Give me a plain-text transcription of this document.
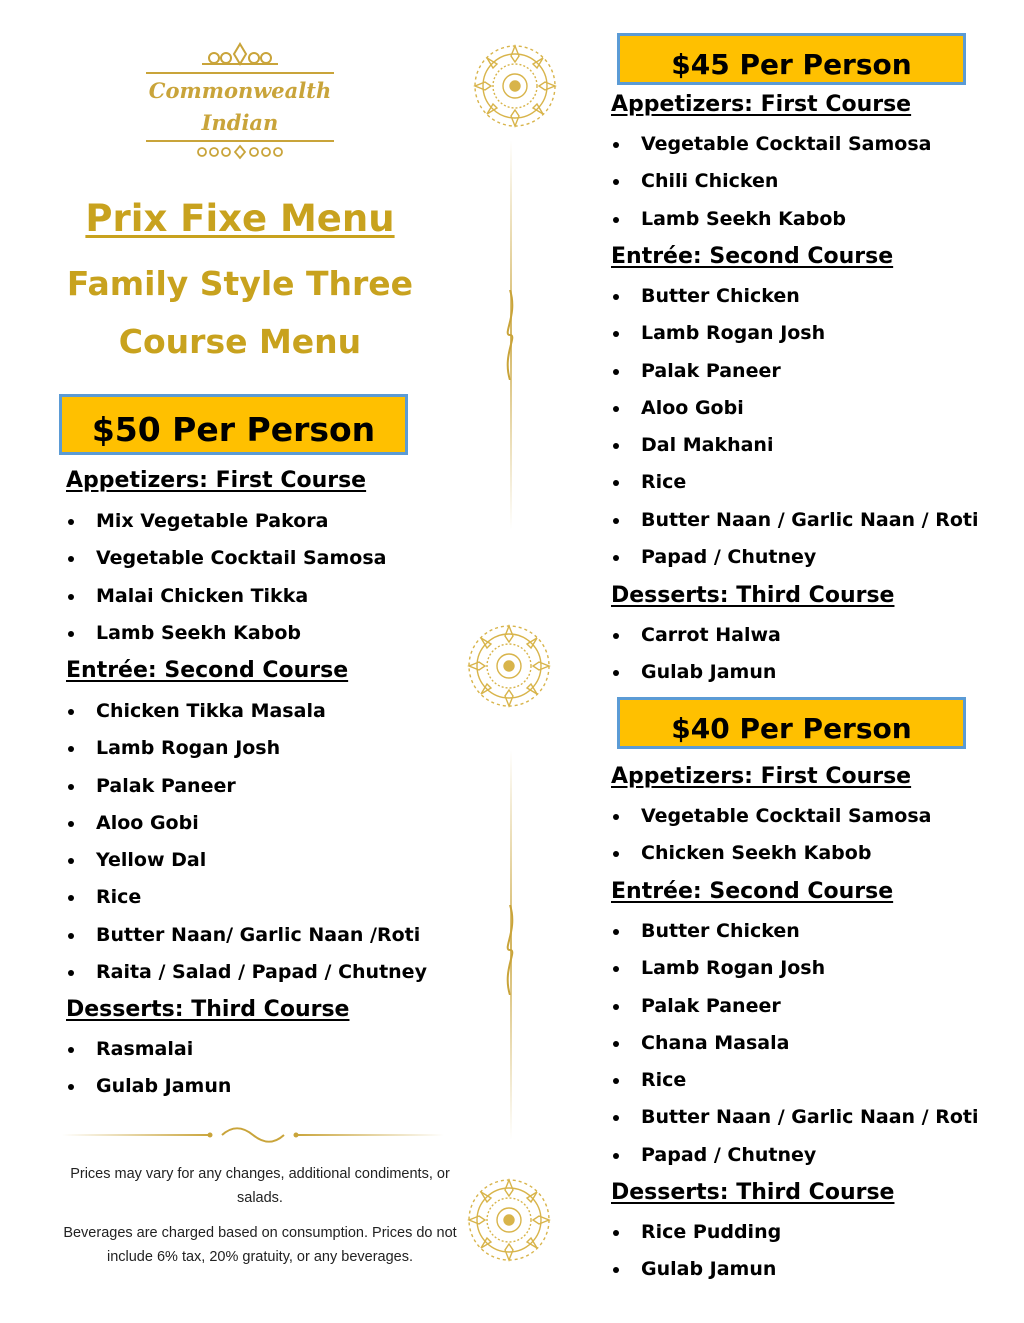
Commonwealth
Indian
Prix Fixe Menu
Family Style Three
Course Menu
$50 Per Person
Appetizers: First Course
Mix Vegetable Pakora
Vegetable Cocktail Samosa
Malai Chicken Tikka
Lamb Seekh Kabob
Entrée: Second Course
Chicken Tikka Masala
Lamb Rogan Josh
Palak Paneer
Aloo Gobi
Yellow Dal
Rice
Butter Naan/ Garlic Naan /Roti
Raita / Salad / Papad / Chutney
Desserts: Third Course
Rasmalai
Gulab Jamun
Prices may vary for any changes, additional condiments, or salads.
Beverages are charged based on consumption. Prices do not include 6% tax, 20% gratuity, or any beverages.
$45 Per Person
Appetizers: First Course
Vegetable Cocktail Samosa
Chili Chicken
Lamb Seekh Kabob
Entrée: Second Course
Butter Chicken
Lamb Rogan Josh
Palak Paneer
Aloo Gobi
Dal Makhani
Rice
Butter Naan / Garlic Naan / Roti
Papad / Chutney
Desserts: Third Course
Carrot Halwa
Gulab Jamun
$40 Per Person
Appetizers: First Course
Vegetable Cocktail Samosa
Chicken Seekh Kabob
Entrée: Second Course
Butter Chicken
Lamb Rogan Josh
Palak Paneer
Chana Masala
Rice
Butter Naan / Garlic Naan / Roti
Papad / Chutney
Desserts: Third Course
Rice Pudding
Gulab Jamun
